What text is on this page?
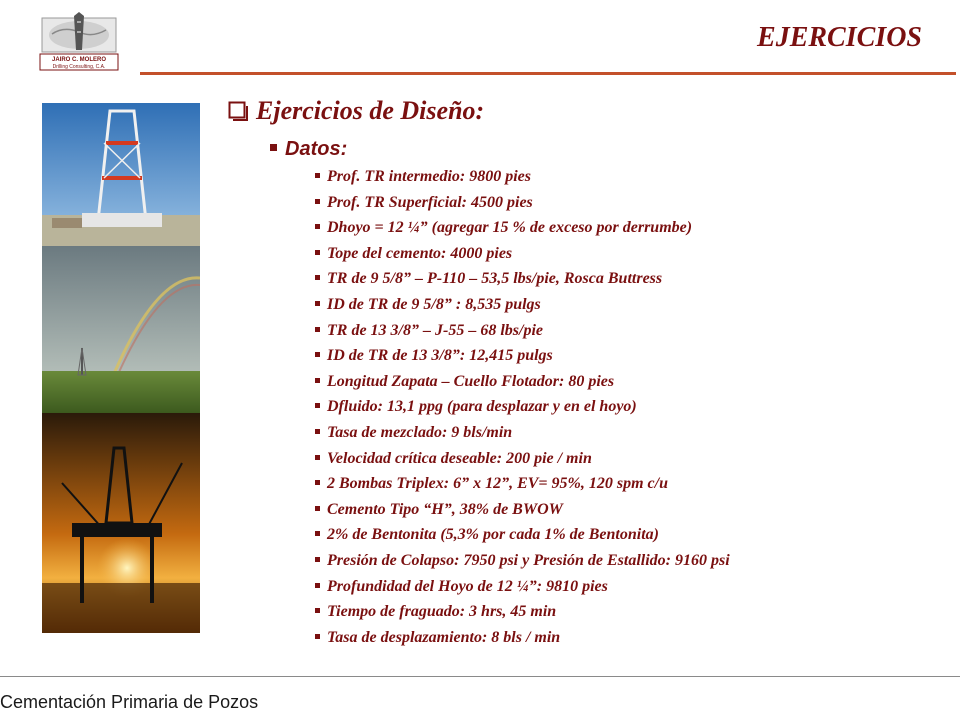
JAIRO C. MOLERO
Drilling Consulting, C.A.
EJERCICIOS
Ejercicios de Diseño:
Datos:
Prof. TR intermedio: 9800 pies
Prof. TR Superficial: 4500 pies
Dhoyo = 12 ¼” (agregar 15 % de exceso por derrumbe)
Tope del cemento: 4000 pies
TR de 9 5/8” – P-110 – 53,5 lbs/pie, Rosca Buttress
ID de TR de 9 5/8” : 8,535 pulgs
TR de 13 3/8” – J-55 – 68 lbs/pie
ID de TR de 13 3/8”: 12,415 pulgs
Longitud Zapata – Cuello Flotador: 80 pies
Dfluido: 13,1 ppg (para desplazar y en el hoyo)
Tasa de mezclado: 9 bls/min
Velocidad crítica deseable: 200 pie / min
2 Bombas Triplex: 6” x 12”, EV= 95%, 120 spm c/u
Cemento Tipo “H”, 38% de BWOW
2% de Bentonita (5,3% por cada 1% de Bentonita)
Presión de Colapso: 7950 psi y Presión de Estallido: 9160 psi
Profundidad del Hoyo de 12 ¼”: 9810 pies
Tiempo de fraguado: 3 hrs, 45 min
Tasa de desplazamiento: 8 bls / min
Cementación Primaria de Pozos
